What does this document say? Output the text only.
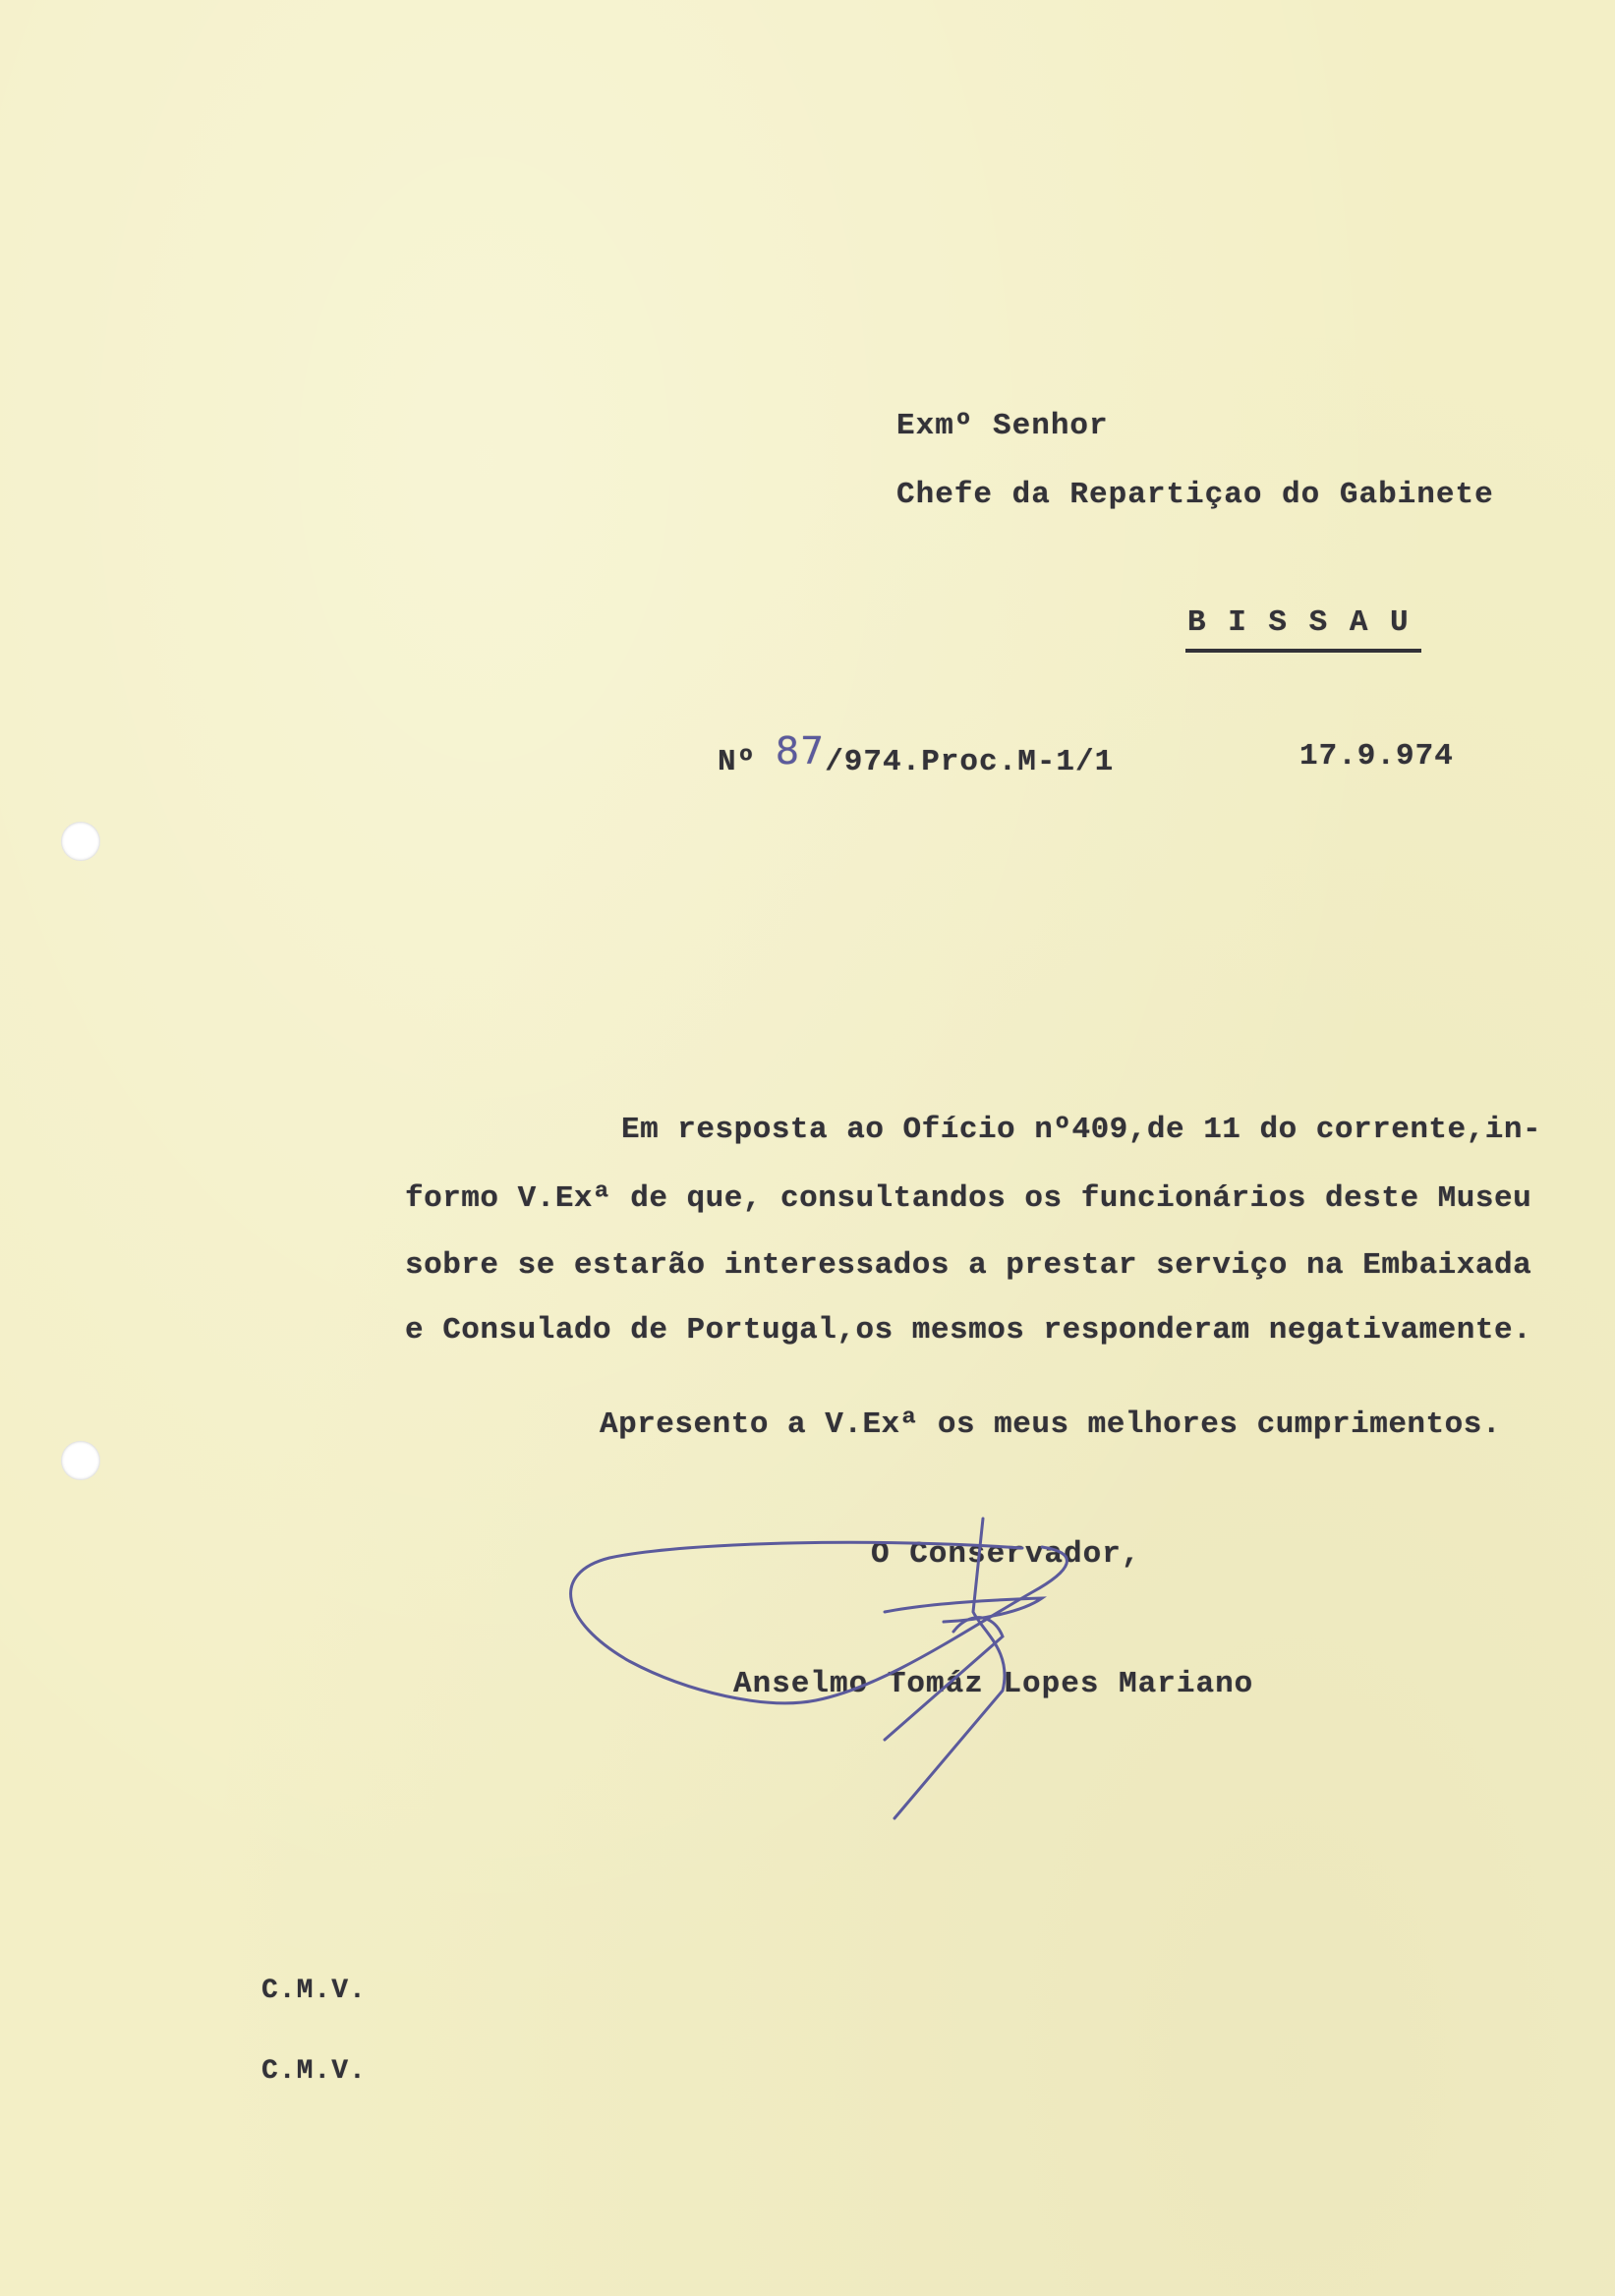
Exmº Senhor
Chefe da Repartiçao do Gabinete
B I S S A U
Nº 87/974.Proc.M-1/1	17.9.974
Em resposta ao Ofício nº409,de 11 do corrente,in-
formo V.Exª de que, consultandos os funcionários deste Museu
sobre se estarão interessados a prestar serviço na Embaixada
e Consulado de Portugal,os mesmos responderam negativamente.
Apresento a V.Exª os meus melhores cumprimentos.
O Conservador,
Anselmo Tomáz Lopes Mariano
C.M.V.
C.M.V.
